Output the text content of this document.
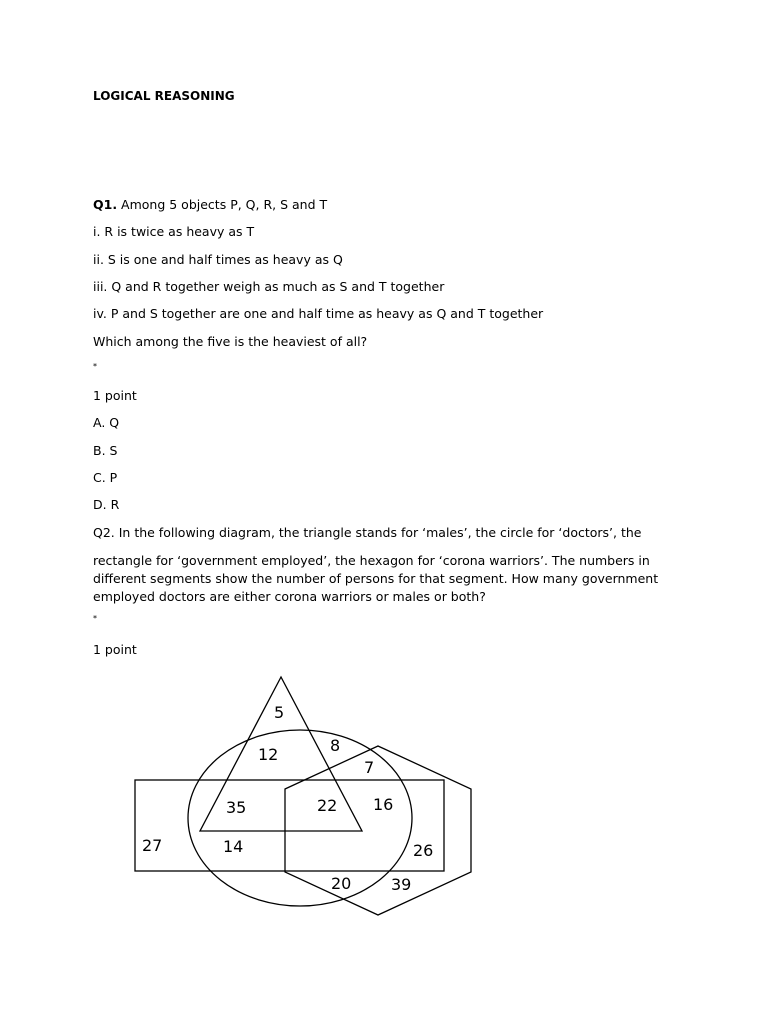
LOGICAL REASONING
Q1. Among 5 objects P, Q, R, S and T
i. R is twice as heavy as T
ii. S is one and half times as heavy as Q
iii. Q and R together weigh as much as S and T together
iv. P and S together are one and half time as heavy as Q and T together
Which among the five is the heaviest of all?
*
1 point
A. Q
B. S
C. P
D. R
Q2. In the following diagram, the triangle stands for ‘males’, the circle for ‘doctors’, the
rectangle for ‘government employed’, the hexagon for ‘corona warriors’. The numbers in different segments show the number of persons for that segment. How many government employed doctors are either corona warriors or males or both?
*
1 point
5
12	8
7
35	22 16
27	14	26
20 39
